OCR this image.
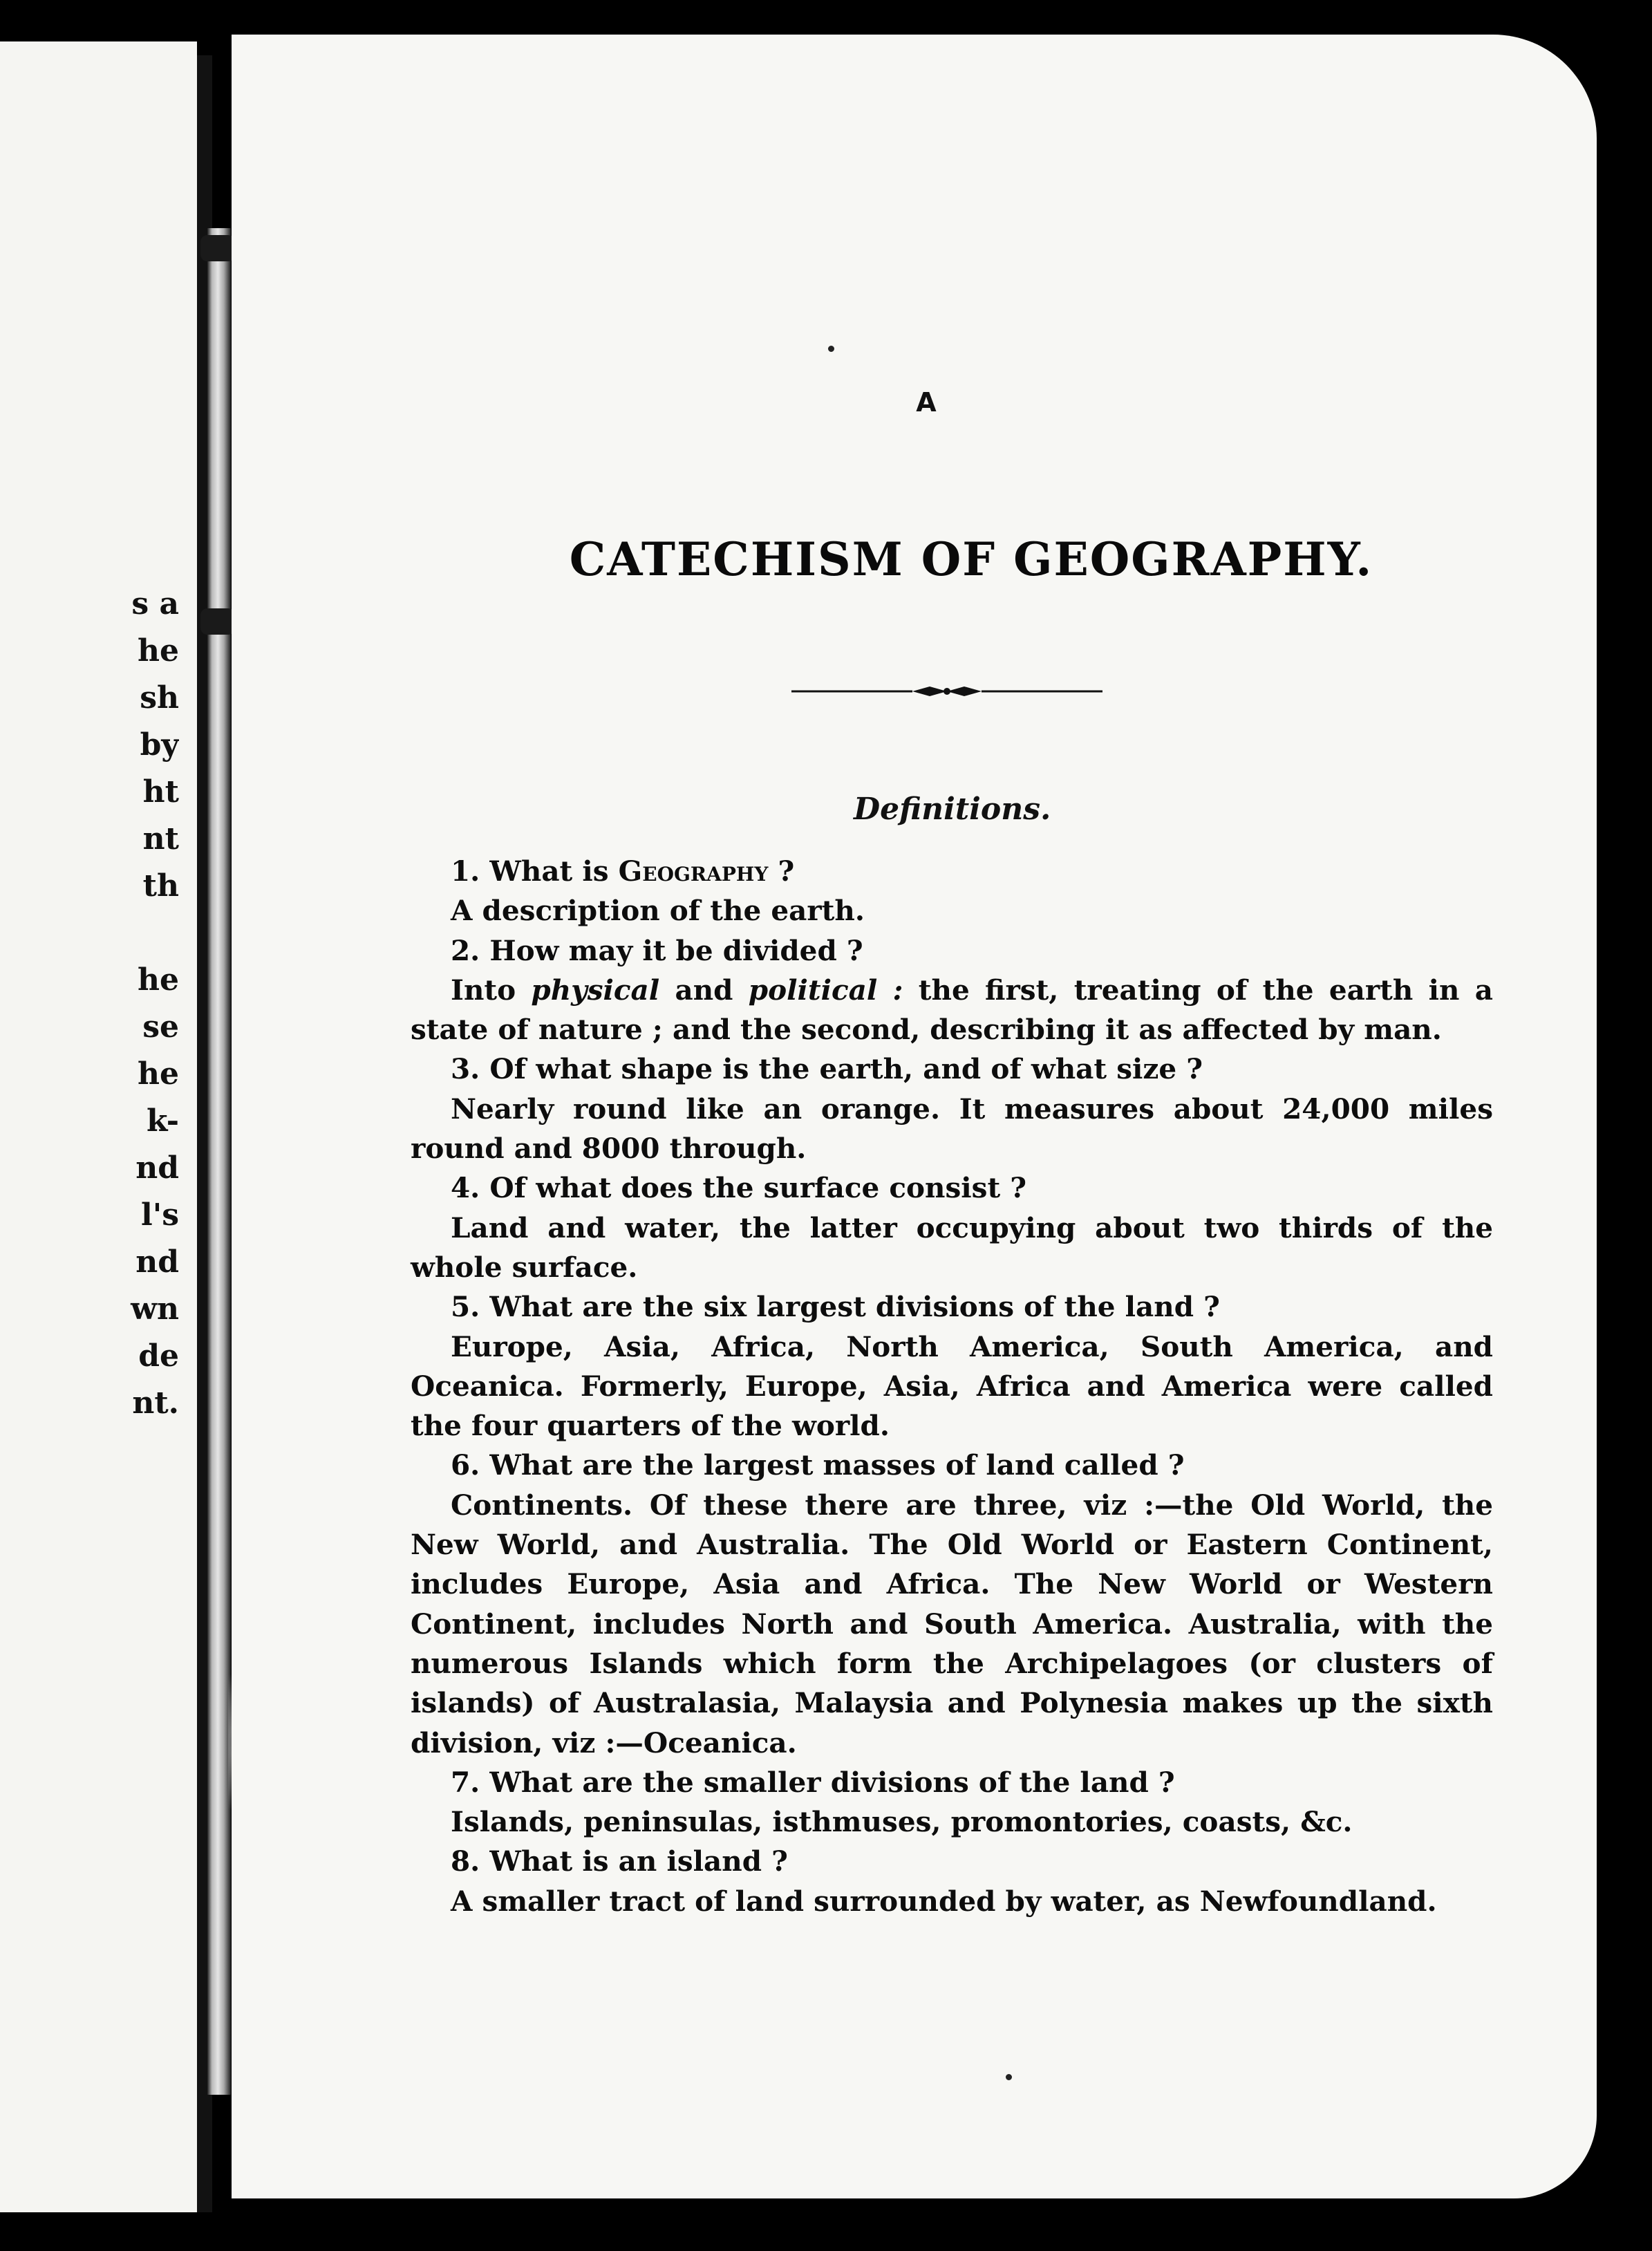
s a
he
sh
by
ht
nt
th
he
se
he
k-
nd
l's
nd
wn
de
nt.
A
CATECHISM OF GEOGRAPHY.
Definitions.

1. What is Geography ?

A description of the earth.

2. How may it be divided ?

Into physical and political : the first, treating of the earth in a state of nature ; and the second, describing it as affected by man.

3. Of what shape is the earth, and of what size ?

Nearly round like an orange. It measures about 24,000 miles round and 8000 through.

4. Of what does the surface consist ?

Land and water, the latter occupying about two thirds of the whole surface.

5. What are the six largest divisions of the land ?

Europe, Asia, Africa, North America, South America, and Oceanica. Formerly, Europe, Asia, Africa and America were called the four quarters of the world.

6. What are the largest masses of land called ?

Continents. Of these there are three, viz :—the Old World, the New World, and Australia. The Old World or Eastern Continent, includes Europe, Asia and Africa. The New World or Western Continent, includes North and South America. Australia, with the numerous Islands which form the Archipelagoes (or clusters of islands) of Australasia, Malaysia and Polynesia makes up the sixth division, viz :—Oceanica.

7. What are the smaller divisions of the land ?

Islands, peninsulas, isthmuses, promontories, coasts, &c.

8. What is an island ?

A smaller tract of land surrounded by water, as Newfoundland.
